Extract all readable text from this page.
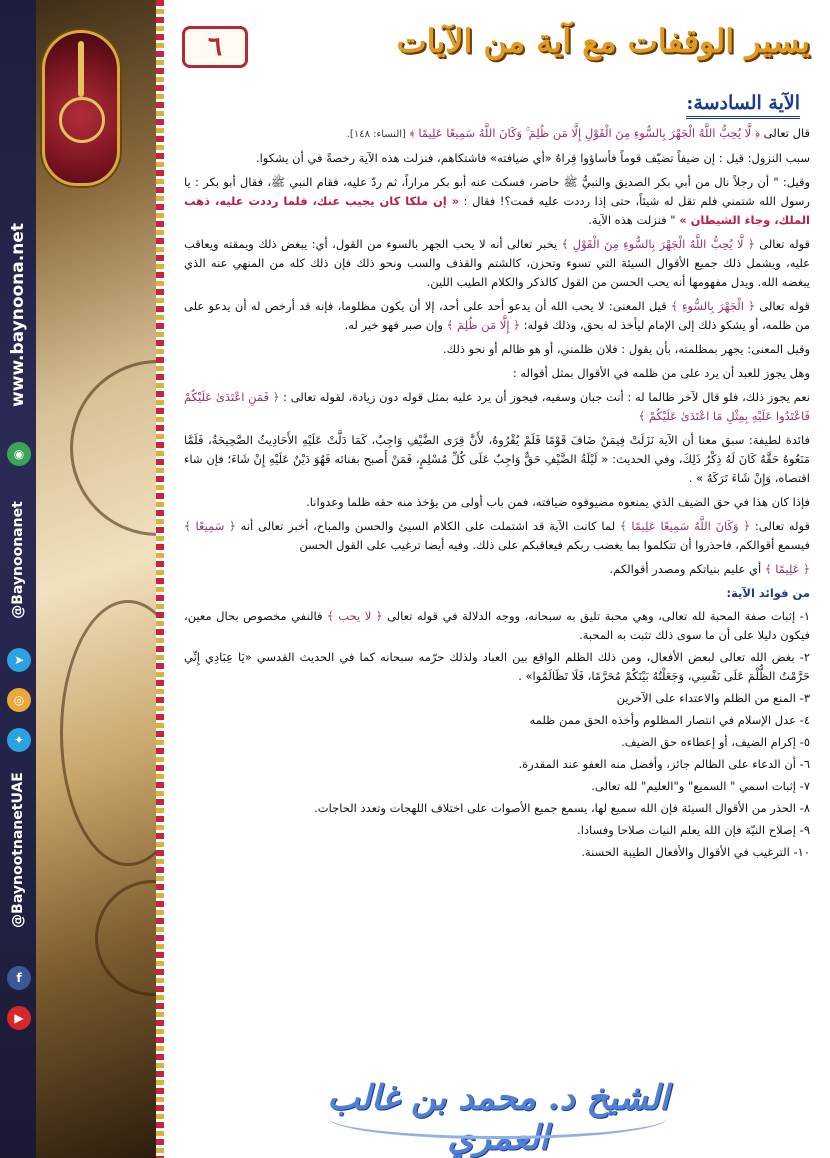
www.baynoona.net
◉
@Baynoonanet
➤
◎
✦
@BaynootnanetUAE
f
▶
٦	يسير الوقفات مع آية من الآيات
الآية السادسة:

قال تعالى ﴿ لَّا يُحِبُّ اللَّهُ الْجَهْرَ بِالسُّوءِ مِنَ الْقَوْلِ إِلَّا مَن ظُلِمَ ۚ وَكَانَ اللَّهُ سَمِيعًا عَلِيمًا ﴾ [النساء: ١٤٨].

سبب النزول: قيل : إن ضيفاً تضيّف قوماً فأساؤوا قِراهُ «أي ضيافته» فاشتكاهم، فنزلت هذه الآية رخصةً في أن يشكوا.

وقيل: " أن رجلاً نال من أبي بكر الصديق والنبيُّ ﷺ حاضر، فسكت عنه أبو بكر مراراً، ثم ردّ عليه، فقام النبي ﷺ، فقال أبو بكر : يا رسول الله شتمني فلم تقل له شيئاً، حتى إذا رددت عليه قمت؟! فقال : « إن ملكا كان يجيب عنك، فلما رددت عليه، ذهب الملك، وجاء الشيطان » " فنزلت هذه الآية.

قوله تعالى ﴿ لَّا يُحِبُّ اللَّهُ الْجَهْرَ بِالسُّوءِ مِنَ الْقَوْلِ ﴾ يخبر تعالى أنه لا يحب الجهر بالسوء من القول، أي: يبغض ذلك ويمقته ويعاقب عليه، ويشمل ذلك جميع الأقوال السيئة التي تسوء وتحزن، كالشتم والقذف والسب ونحو ذلك فإن ذلك كله من المنهي عنه الذي يبغضه الله. ويدل مفهومها أنه يحب الحسن من القول كالذكر والكلام الطيب اللين.

قوله تعالى ﴿ الْجَهْرَ بِالسُّوءِ ﴾ قيل المعنى: لا يحب الله أن يدعو أحد على أحد، إلا أن يكون مظلوما، فإنه قد أرخص له أن يدعو على من ظلمه، أو يشكو ذلك إلى الإمام ليأخذ له بحق، وذلك قوله: ﴿ إِلَّا مَن ظُلِمَ ﴾ وإن صبر فهو خير له.

وقيل المعنى: يجهر بمظلمته، بأن يقول : فلان ظلمني، أو هو ظالم أو نحو ذلك.

وهل يجوز للعبد أن يرد على من ظلمه في الأقوال بمثل أقواله :

نعم يجوز ذلك، فلو قال لآخر ظالما له : أنت جبان وسفيه، فيجوز أن يرد عليه بمثل قوله دون زيادة، لقوله تعالى : ﴿ فَمَنِ اعْتَدَىٰ عَلَيْكُمْ فَاعْتَدُوا عَلَيْهِ بِمِثْلِ مَا اعْتَدَىٰ عَلَيْكُمْ ﴾

فائدة لطيفة: سبق معنا أن الآية نَزَلَتْ فِيمَنْ ضَافَ قَوْمًا فَلَمْ يُقْرُوهُ، لأَنَّ قِرَى الضَّيْفِ وَاجِبٌ، كَمَا دَلَّتْ عَلَيْهِ الأَحَادِيثُ الصَّحِيحَةُ، فَلَمَّا مَنَعُوهُ حَقَّهُ كَانَ لَهُ ذِكْرُ ذَلِكَ، وفي الحديث: « لَيْلَةُ الضَّيْفِ حَقٌّ وَاجِبٌ عَلَى كُلِّ مُسْلِمٍ، فَمَنْ أَصبح بفنائه فَهُوَ دَيْنٌ عَلَيْهِ إِنْ شَاءَ؛ فإن شاء اقتصاه، وَإِنْ شَاءَ تَرَكَهُ » .

فإذا كان هذا في حق الضيف الذي يمنعوه مضيوفوه ضيافته، فمن باب أولى من يؤخذ منه حقه ظلما وعدوانا.

قوله تعالى: ﴿ وَكَانَ اللَّهُ سَمِيعًا عَلِيمًا ﴾ لما كانت الآية قد اشتملت على الكلام السيئ والحسن والمباح، أخبر تعالى أنه ﴿ سَمِيعًا ﴾ فيسمع أقوالكم، فاحذروا أن تتكلموا بما يغضب ربكم فيعاقبكم على ذلك. وفيه أيضا ترغيب على القول الحسن

﴿ عَلِيمًا ﴾ أي عليم بنياتكم ومصدر أقوالكم.

من فوائد الآية:

١- إثبات صفة المحبة لله تعالى، وهي محبة تليق به سبحانه، ووجه الدلالة في قوله تعالى ﴿ لا يحب ﴾ فالنفي مخصوص بحال معين، فيكون دليلا على أن ما سوى ذلك تثبت به المحبة.

٢- بغض الله تعالى لبعض الأفعال، ومن ذلك الظلم الواقع بين العباد ولذلك حرّمه سبحانه كما في الحديث القدسي «يَا عِبَادِي إِنِّي حَرَّمْتُ الظُّلْمَ عَلَى نَفْسِي، وَجَعَلْتُهُ بَيْنَكُمْ مُحَرَّمًا، فَلَا تَظَالَمُوا» .

٣- المنع من الظلم والاعتداء على الآخرين

٤- عدل الإسلام في انتصار المظلوم وأخذه الحق ممن ظلمه

٥- إكرام الضيف، أو إعطاءه حق الضيف.

٦- أن الدعاء على الظالم جائز، وأفضل منه العفو عند المقدرة.

٧- إثبات اسمي " السميع" و"العليم" لله تعالى.

٨- الحذر من الأقوال السيئة فإن الله سميع لها، يسمع جميع الأصوات على اختلاف اللهجات وتعدد الحاجات.

٩- إصلاح النيّة فإن الله يعلم النيات صلاحا وفسادا.

١٠- الترغيب في الأقوال والأفعال الطيبة الحسنة.

الشيخ د. محمد بن غالب العمري
